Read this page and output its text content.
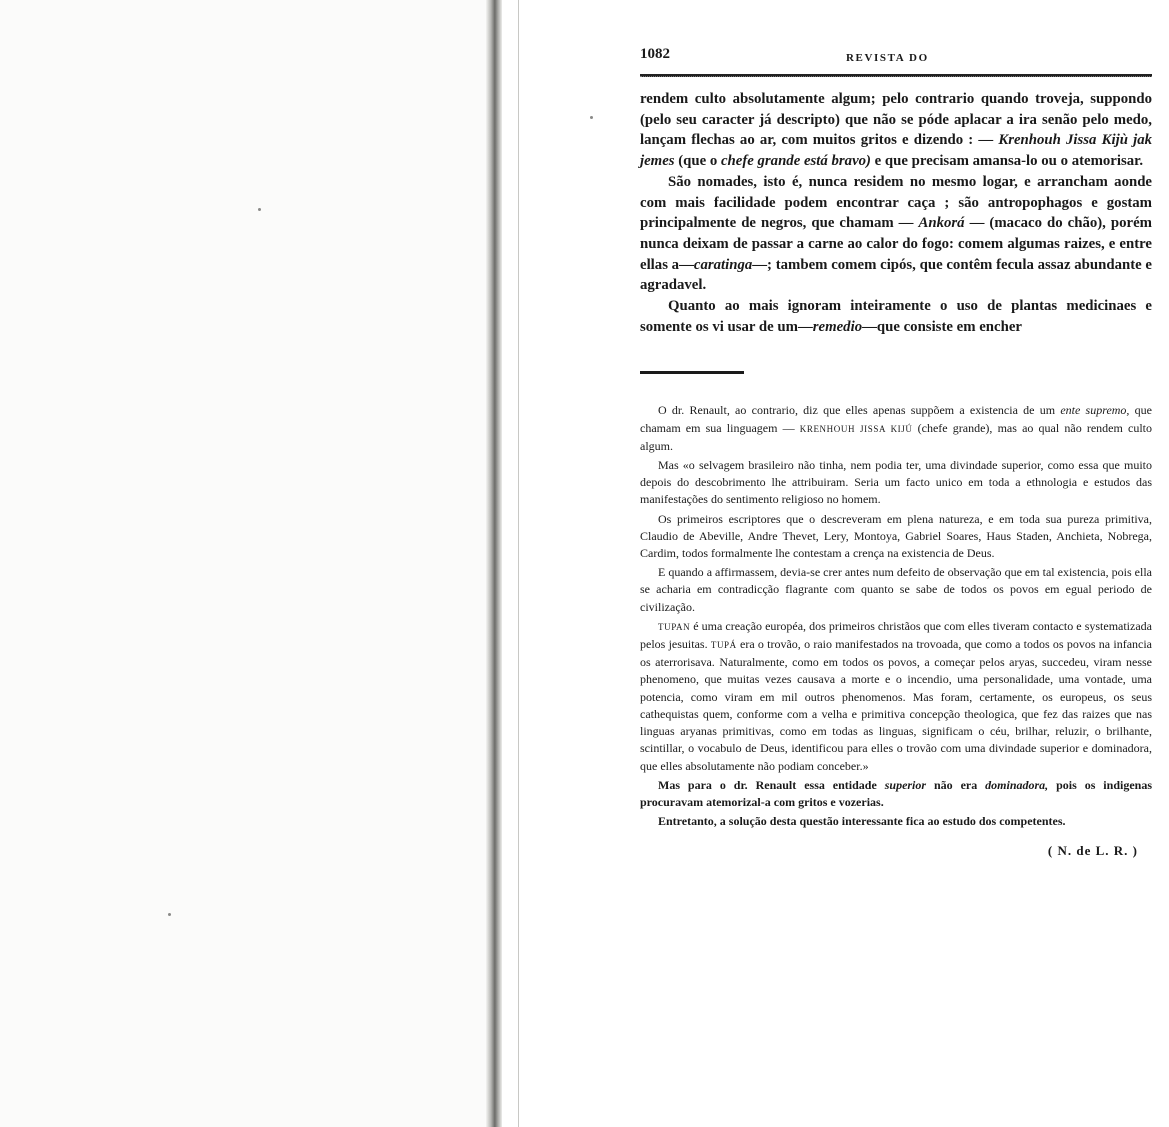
1082	REVISTA DO

rendem culto absolutamente algum; pelo contrario quando troveja, suppondo (pelo seu caracter já descripto) que não se póde aplacar a ira senão pelo medo, lançam flechas ao ar, com muitos gritos e dizendo : — Krenhouh Jissa Kijù jak jemes (que o chefe grande está bravo) e que precisam amansa-lo ou o atemorisar.

São nomades, isto é, nunca residem no mesmo logar, e arrancham aonde com mais facilidade podem encontrar caça ; são antropophagos e gostam principalmente de negros, que chamam — Ankorá — (macaco do chão), porém nunca deixam de passar a carne ao calor do fogo: comem algumas raizes, e entre ellas a—caratinga—; tambem comem cipós, que contêm fecula assaz abundante e agradavel.

Quanto ao mais ignoram inteiramente o uso de plantas medicinaes e somente os vi usar de um—remedio—que consiste em encher

O dr. Renault, ao contrario, diz que elles apenas suppõem a existencia de um ente supremo, que chamam em sua linguagem — KRENHOUH JISSA KIJÚ (chefe grande), mas ao qual não rendem culto algum.

Mas «o selvagem brasileiro não tinha, nem podia ter, uma divindade superior, como essa que muito depois do descobrimento lhe attribuiram. Seria um facto unico em toda a ethnologia e estudos das manifestações do sentimento religioso no homem.

Os primeiros escriptores que o descreveram em plena natureza, e em toda sua pureza primitiva, Claudio de Abeville, Andre Thevet, Lery, Montoya, Gabriel Soares, Haus Staden, Anchieta, Nobrega, Cardim, todos formalmente lhe contestam a crença na existencia de Deus.

E quando a affirmassem, devia-se crer antes num defeito de observação que em tal existencia, pois ella se acharia em contradicção flagrante com quanto se sabe de todos os povos em egual periodo de civilização.

TUPAN é uma creação européa, dos primeiros christãos que com elles tiveram contacto e systematizada pelos jesuitas. TUPÁ era o trovão, o raio manifestados na trovoada, que como a todos os povos na infancia os aterrorisava. Naturalmente, como em todos os povos, a começar pelos aryas, succedeu, viram nesse phenomeno, que muitas vezes causava a morte e o incendio, uma personalidade, uma vontade, uma potencia, como viram em mil outros phenomenos. Mas foram, certamente, os europeus, os seus cathequistas quem, conforme com a velha e primitiva concepção theologica, que fez das raizes que nas linguas aryanas primitivas, como em todas as linguas, significam o céu, brilhar, reluzir, o brilhante, scintillar, o vocabulo de Deus, identificou para elles o trovão com uma divindade superior e dominadora, que elles absolutamente não podiam conceber.»

Mas para o dr. Renault essa entidade superior não era dominadora, pois os indigenas procuravam atemorizal-a com gritos e vozerias.

Entretanto, a solução desta questão interessante fica ao estudo dos competentes.

( N. de L. R. )
